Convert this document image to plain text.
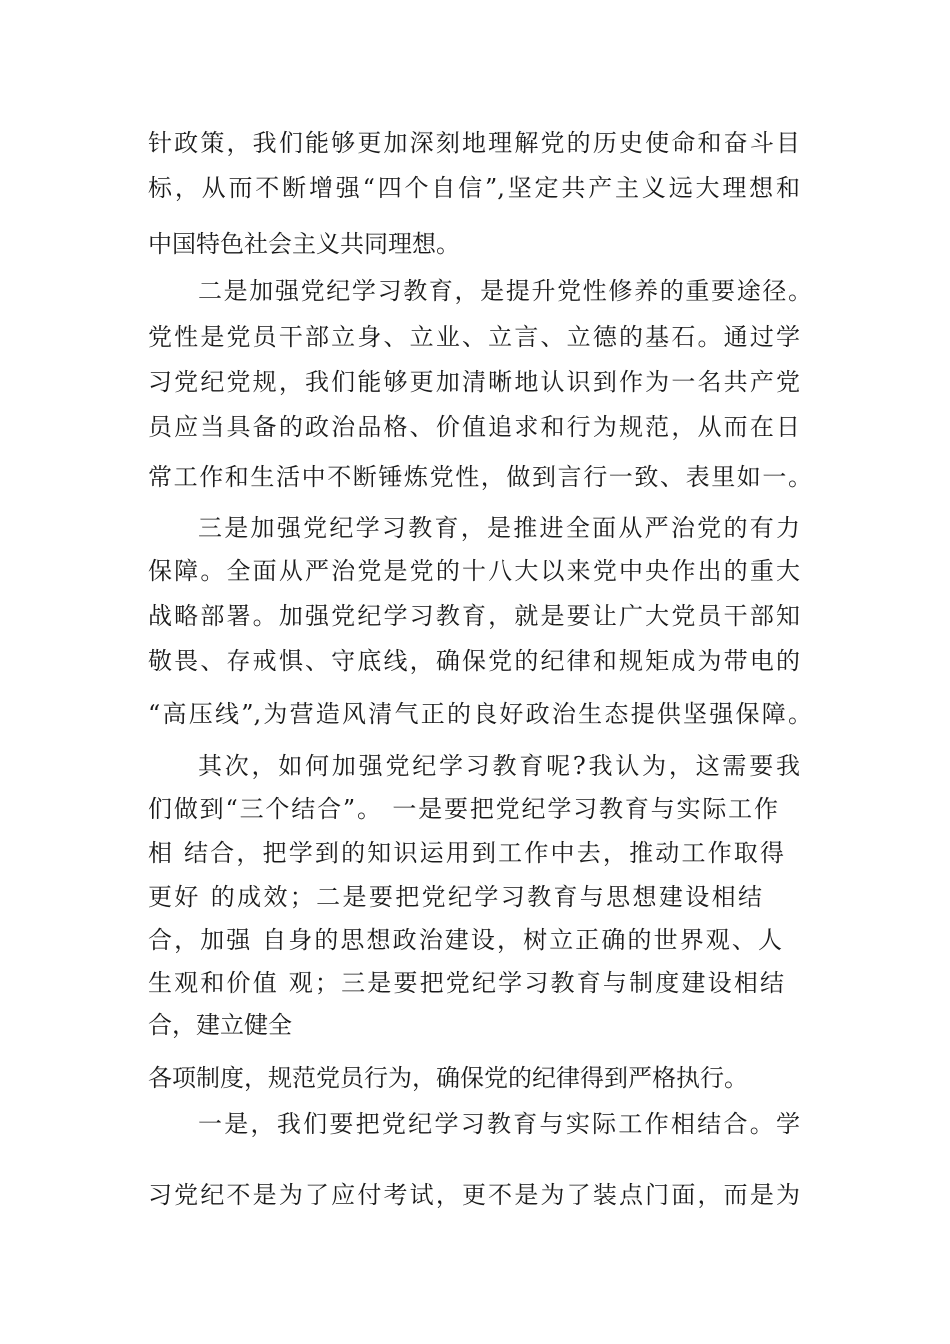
针政策，我们能够更加深刻地理解党的历史使命和奋斗目
标，从而不断增强“四个自信”,坚定共产主义远大理想和
中国特色社会主义共同理想。
二是加强党纪学习教育，是提升党性修养的重要途径。
党性是党员干部立身、立业、立言、立德的基石。通过学
习党纪党规，我们能够更加清晰地认识到作为一名共产党
员应当具备的政治品格、价值追求和行为规范，从而在日
常工作和生活中不断锤炼党性，做到言行一致、表里如一。
三是加强党纪学习教育，是推进全面从严治党的有力
保障。全面从严治党是党的十八大以来党中央作出的重大
战略部署。加强党纪学习教育，就是要让广大党员干部知
敬畏、存戒惧、守底线，确保党的纪律和规矩成为带电的
“高压线”,为营造风清气正的良好政治生态提供坚强保障。
其次，如何加强党纪学习教育呢?我认为，这需要我
们做到“三个结合”。 一是要把党纪学习教育与实际工作
相 结合，把学到的知识运用到工作中去，推动工作取得
更好 的成效；二是要把党纪学习教育与思想建设相结
合，加强 自身的思想政治建设，树立正确的世界观、人
生观和价值 观；三是要把党纪学习教育与制度建设相结
合，建立健全
各项制度，规范党员行为，确保党的纪律得到严格执行。
一是，我们要把党纪学习教育与实际工作相结合。学
习党纪不是为了应付考试，更不是为了装点门面，而是为
